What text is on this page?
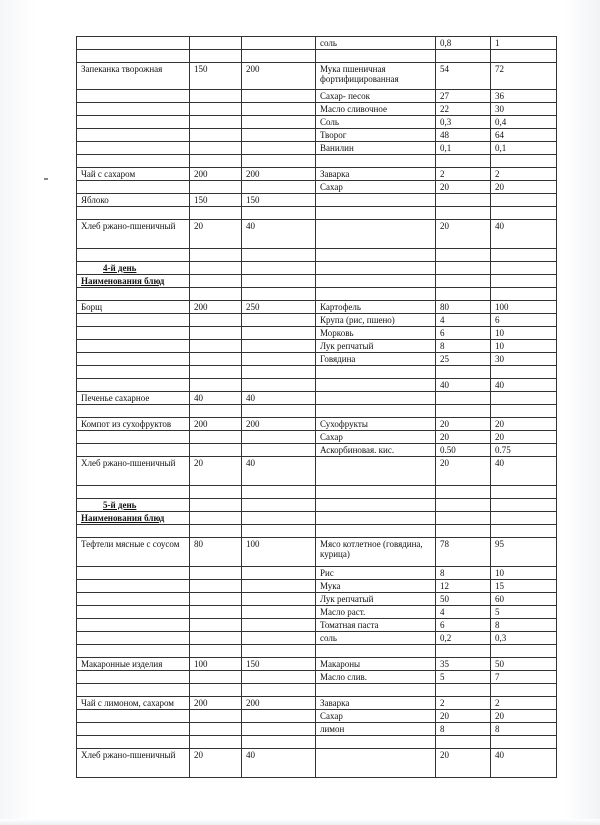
			соль	0,8	1

Запеканка творожная	150	200	Мука пшеничная фортифицированная	54	72
			Сахар- песок	27	36
			Масло сливочное	22	30
			Соль	0,3	0,4
			Творог	48	64
			Ванилин	0,1	0,1

Чай с сахаром	200	200	Заварка	2	2
			Сахар	20	20
Яблоко	150	150			

Хлеб ржано-пшеничный	20	40		20	40

4-й день					
Наименования блюд					

Борщ	200	250	Картофель	80	100
			Крупа (рис, пшено)	4	6
			Морковь	6	10
			Лук репчатый	8	10
			Говядина	25	30

				40	40
Печенье сахарное	40	40			

Компот из сухофруктов	200	200	Сухофрукты	20	20
			Сахар	20	20
			Аскорбиновая. кис.	0.50	0.75
Хлеб ржано-пшеничный	20	40		20	40

5-й день					
Наименования блюд					

Тефтели мясные с соусом	80	100	Мясо котлетное (говядина, курица)	78	95
			Рис	8	10
			Мука	12	15
			Лук репчатый	50	60
			Масло раст.	4	5
			Томатная паста	6	8
			соль	0,2	0,3

Макаронные изделия	100	150	Макароны	35	50
			Масло слив.	5	7

Чай с лимоном, сахаром	200	200	Заварка	2	2
			Сахар	20	20
			лимон	8	8

Хлеб ржано-пшеничный	20	40		20	40
